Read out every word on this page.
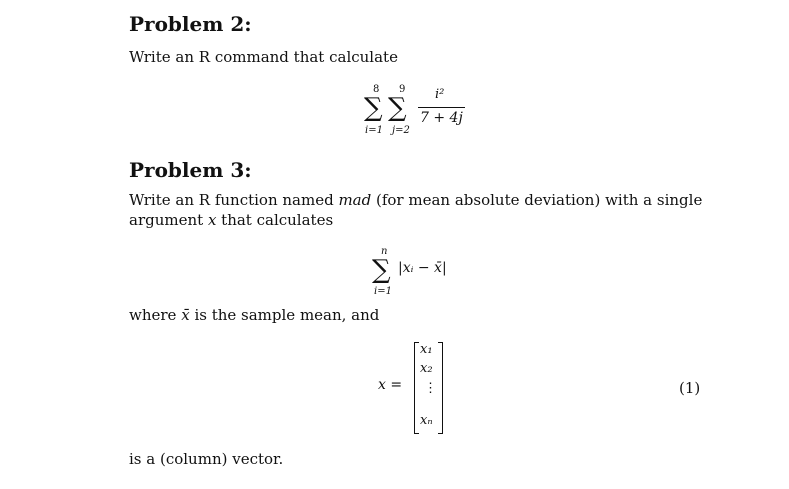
Problem 2:
Write an R command that calculate
8 9
∑ ∑
i=1 j=2
i²
7 + 4j
Problem 3:
Write an R function named mad (for mean absolute deviation) with a single
argument x that calculates
n
∑
i=1
|xᵢ − x̄|
where x̄ is the sample mean, and
x =
x₁
x₂
⋮
xₙ
(1)
is a (column) vector.
